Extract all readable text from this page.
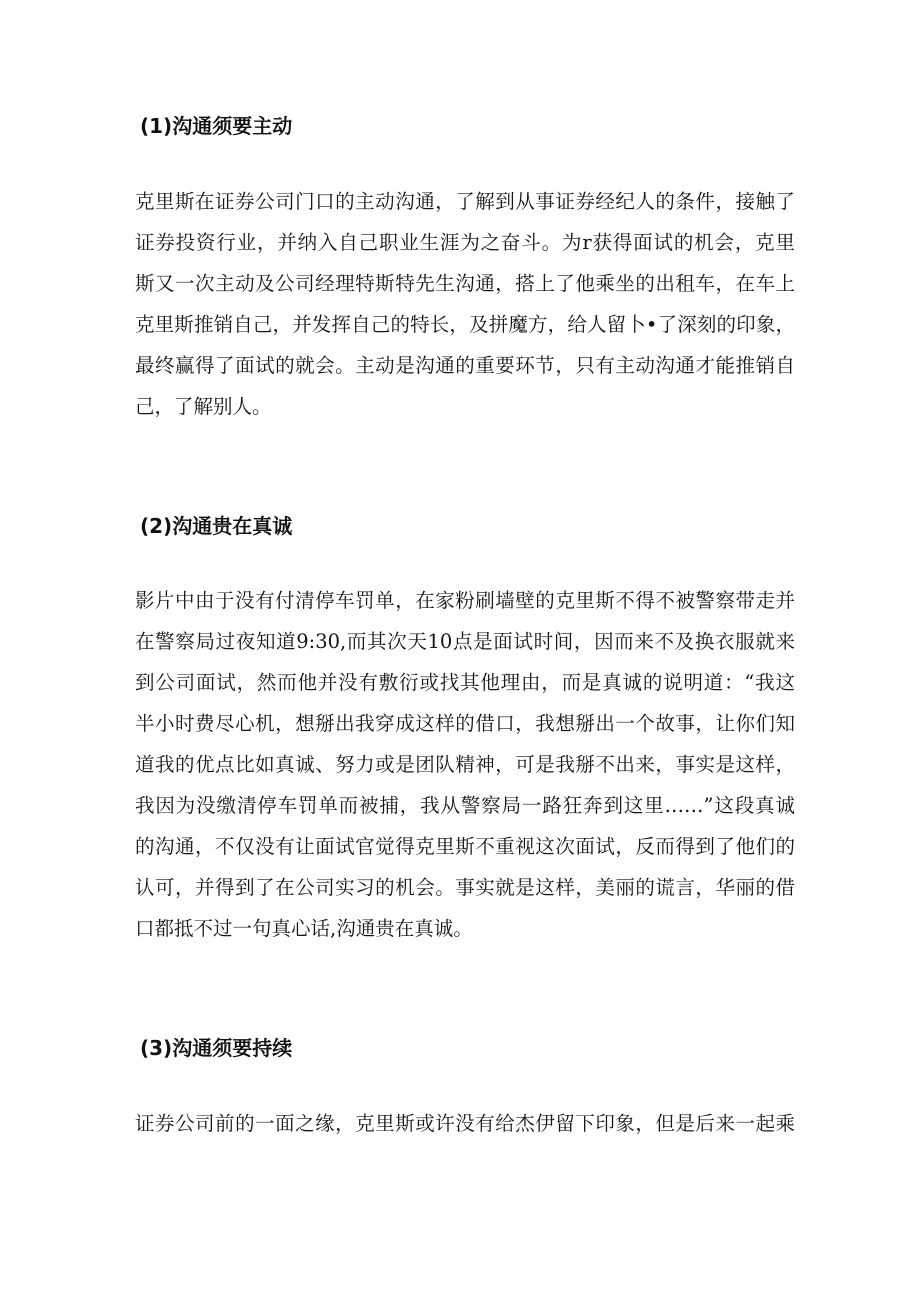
(1)沟通须要主动
克里斯在证券公司门口的主动沟通，了解到从事证券经纪人的条件，接触了
证券投资行业，并纳入自己职业生涯为之奋斗。为r获得面试的机会，克里
斯又一次主动及公司经理特斯特先生沟通，搭上了他乘坐的出租车，在车上
克里斯推销自己，并发挥自己的特长，及拼魔方，给人留卜•了深刻的印象，
最终赢得了面试的就会。主动是沟通的重要环节，只有主动沟通才能推销自
己，了解别人。
(2)沟通贵在真诚
影片中由于没有付清停车罚单，在家粉刷墙壁的克里斯不得不被警察带走并
在警察局过夜知道9:30,而其次天10点是面试时间，因而来不及换衣服就来
到公司面试，然而他并没有敷衍或找其他理由，而是真诚的说明道：“我这
半小时费尽心机，想掰出我穿成这样的借口，我想掰出一个故事，让你们知
道我的优点比如真诚、努力或是团队精神，可是我掰不出来，事实是这样，
我因为没缴清停车罚单而被捕，我从警察局一路狂奔到这里……”这段真诚
的沟通，不仅没有让面试官觉得克里斯不重视这次面试，反而得到了他们的
认可，并得到了在公司实习的机会。事实就是这样，美丽的谎言，华丽的借
口都抵不过一句真心话,沟通贵在真诚。
(3)沟通须要持续
证券公司前的一面之缘，克里斯或许没有给杰伊留下印象，但是后来一起乘
